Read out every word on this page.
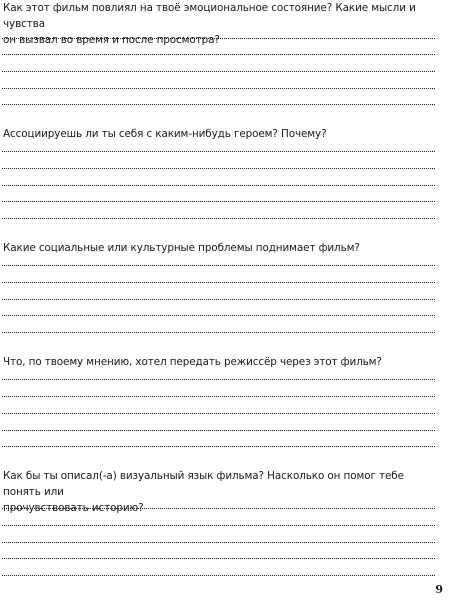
Как этот фильм повлиял на твоё эмоциональное состояние? Какие мысли и чувства
он вызвал во время и после просмотра?
Ассоциируешь ли ты себя с каким-нибудь героем? Почему?
Какие социальные или культурные проблемы поднимает фильм?
Что, по твоему мнению, хотел передать режиссёр через этот фильм?
Как бы ты описал(-а) визуальный язык фильма? Насколько он помог тебе понять или
прочувствовать историю?
9
